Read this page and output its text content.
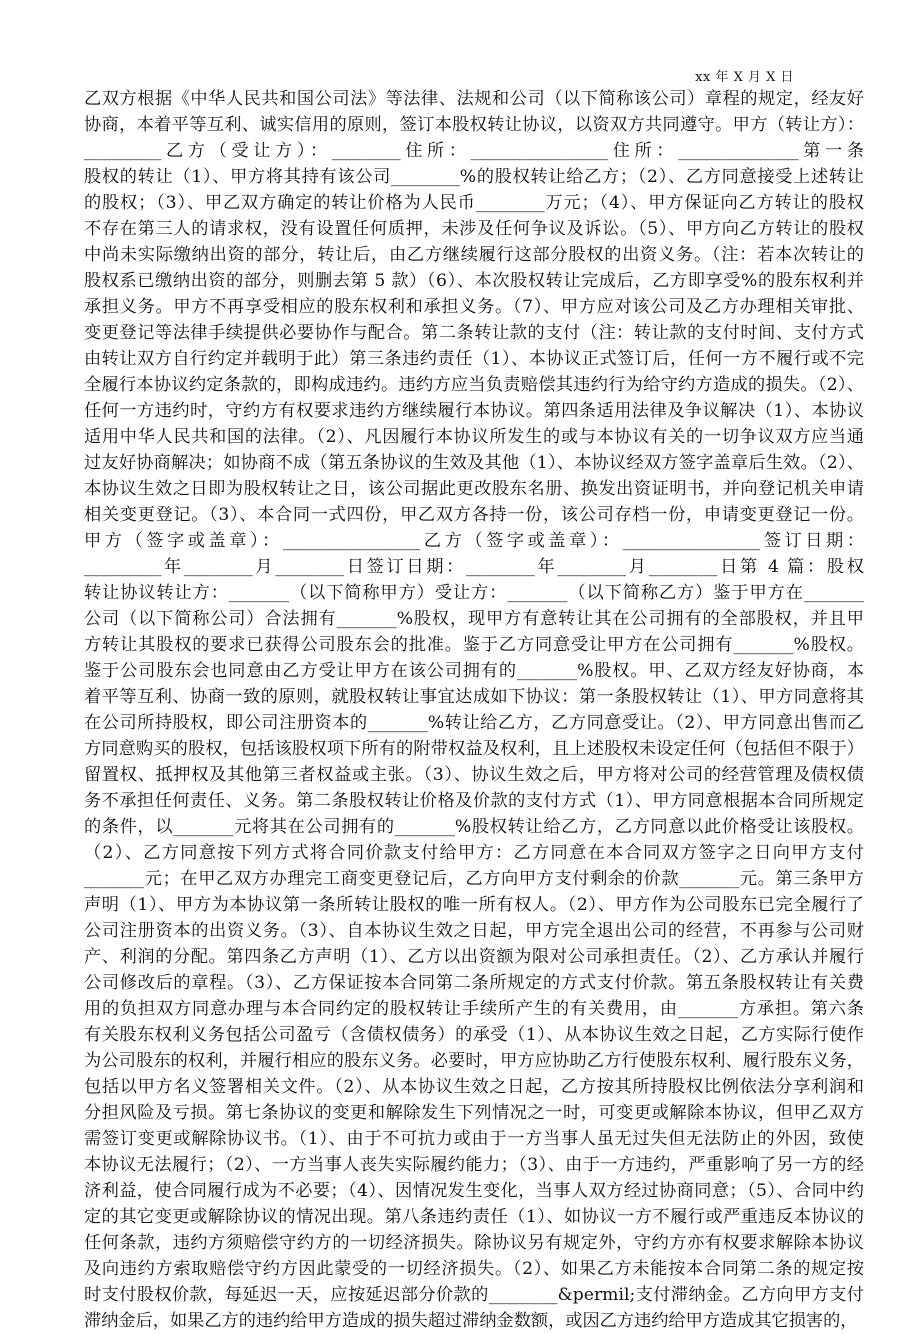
xx 年 X 月 X 日
乙双方根据《中华人民共和国公司法》等法律、法规和公司（以下简称该公司）章程的规定，经友好
协商，本着平等互利、诚实信用的原则，签订本股权转让协议，以资双方共同遵守。甲方（转让方）：
_________乙方（受让方）：________住所：________________住所：______________第一条
股权的转让（1）、甲方将其持有该公司________%的股权转让给乙方；（2）、乙方同意接受上述转让
的股权；（3）、甲乙双方确定的转让价格为人民币________万元；（4）、甲方保证向乙方转让的股权
不存在第三人的请求权，没有设置任何质押，未涉及任何争议及诉讼。（5）、甲方向乙方转让的股权
中尚未实际缴纳出资的部分，转让后，由乙方继续履行这部分股权的出资义务。（注：若本次转让的
股权系已缴纳出资的部分，则删去第 5 款）（6）、本次股权转让完成后，乙方即享受%的股东权利并
承担义务。甲方不再享受相应的股东权利和承担义务。（7）、甲方应对该公司及乙方办理相关审批、
变更登记等法律手续提供必要协作与配合。第二条转让款的支付（注：转让款的支付时间、支付方式
由转让双方自行约定并载明于此）第三条违约责任（1）、本协议正式签订后，任何一方不履行或不完
全履行本协议约定条款的，即构成违约。违约方应当负责赔偿其违约行为给守约方造成的损失。（2）、
任何一方违约时，守约方有权要求违约方继续履行本协议。第四条适用法律及争议解决（1）、本协议
适用中华人民共和国的法律。（2）、凡因履行本协议所发生的或与本协议有关的一切争议双方应当通
过友好协商解决；如协商不成（第五条协议的生效及其他（1）、本协议经双方签字盖章后生效。（2）、
本协议生效之日即为股权转让之日，该公司据此更改股东名册、换发出资证明书，并向登记机关申请
相关变更登记。（3）、本合同一式四份，甲乙双方各持一份，该公司存档一份，申请变更登记一份。
甲方（签字或盖章）：________________乙方（签字或盖章）：________________签订日期：
_________年________月________日签订日期：________年________月________日第 4 篇：股权
转让协议转让方：_______（以下简称甲方）受让方：_______（以下简称乙方）鉴于甲方在_______
公司（以下简称公司）合法拥有_______%股权，现甲方有意转让其在公司拥有的全部股权，并且甲
方转让其股权的要求已获得公司股东会的批准。鉴于乙方同意受让甲方在公司拥有_______%股权。
鉴于公司股东会也同意由乙方受让甲方在该公司拥有的_______%股权。甲、乙双方经友好协商，本
着平等互利、协商一致的原则，就股权转让事宜达成如下协议：第一条股权转让（1）、甲方同意将其
在公司所持股权，即公司注册资本的_______%转让给乙方，乙方同意受让。（2）、甲方同意出售而乙
方同意购买的股权，包括该股权项下所有的附带权益及权利，且上述股权未设定任何（包括但不限于）
留置权、抵押权及其他第三者权益或主张。（3）、协议生效之后，甲方将对公司的经营管理及债权债
务不承担任何责任、义务。第二条股权转让价格及价款的支付方式（1）、甲方同意根据本合同所规定
的条件，以_______元将其在公司拥有的_______%股权转让给乙方，乙方同意以此价格受让该股权。
（2）、乙方同意按下列方式将合同价款支付给甲方：乙方同意在本合同双方签字之日向甲方支付
_______元；在甲乙双方办理完工商变更登记后，乙方向甲方支付剩余的价款_______元。第三条甲方
声明（1）、甲方为本协议第一条所转让股权的唯一所有权人。（2）、甲方作为公司股东已完全履行了
公司注册资本的出资义务。（3）、自本协议生效之日起，甲方完全退出公司的经营，不再参与公司财
产、利润的分配。第四条乙方声明（1）、乙方以出资额为限对公司承担责任。（2）、乙方承认并履行
公司修改后的章程。（3）、乙方保证按本合同第二条所规定的方式支付价款。第五条股权转让有关费
用的负担双方同意办理与本合同约定的股权转让手续所产生的有关费用，由_______方承担。第六条
有关股东权利义务包括公司盈亏（含债权债务）的承受（1）、从本协议生效之日起，乙方实际行使作
为公司股东的权利，并履行相应的股东义务。必要时，甲方应协助乙方行使股东权利、履行股东义务，
包括以甲方名义签署相关文件。（2）、从本协议生效之日起，乙方按其所持股权比例依法分享利润和
分担风险及亏损。第七条协议的变更和解除发生下列情况之一时，可变更或解除本协议，但甲乙双方
需签订变更或解除协议书。（1）、由于不可抗力或由于一方当事人虽无过失但无法防止的外因，致使
本协议无法履行；（2）、一方当事人丧失实际履约能力；（3）、由于一方违约，严重影响了另一方的经
济利益，使合同履行成为不必要；（4）、因情况发生变化，当事人双方经过协商同意；（5）、合同中约
定的其它变更或解除协议的情况出现。第八条违约责任（1）、如协议一方不履行或严重违反本协议的
任何条款，违约方须赔偿守约方的一切经济损失。除协议另有规定外，守约方亦有权要求解除本协议
及向违约方索取赔偿守约方因此蒙受的一切经济损失。（2）、如果乙方未能按本合同第二条的规定按
时支付股权价款，每延迟一天，应按延迟部分价款的________&permil;支付滞纳金。乙方向甲方支付
滞纳金后，如果乙方的违约给甲方造成的损失超过滞纳金数额，或因乙方违约给甲方造成其它损害的，
